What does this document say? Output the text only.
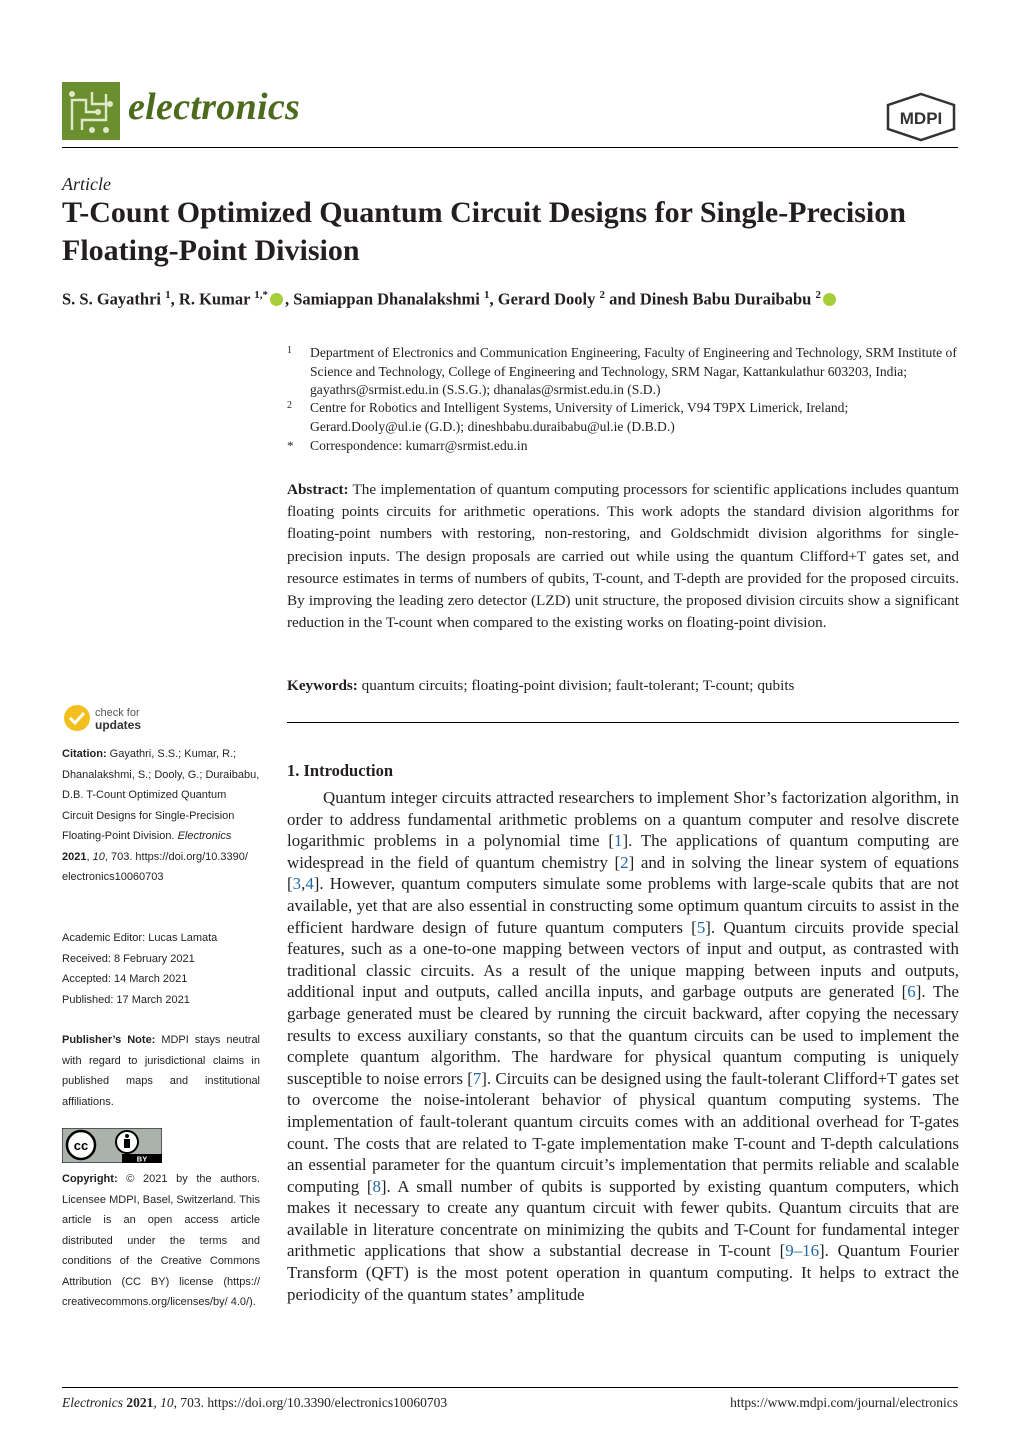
electronics	MDPI
Article
T-Count Optimized Quantum Circuit Designs for Single-Precision Floating-Point Division
S. S. Gayathri $^1$, R. Kumar $^{1,*}$ , Samiappan Dhanalakshmi $^1$, Gerard Dooly $^2$ and Dinesh Babu Duraibabu $^2$
1 Department of Electronics and Communication Engineering, Faculty of Engineering and Technology, SRM Institute of Science and Technology, College of Engineering and Technology, SRM Nagar, Kattankulathur 603203, India; gayathrs@srmist.edu.in (S.S.G.); dhanalas@srmist.edu.in (S.D.)
2 Centre for Robotics and Intelligent Systems, University of Limerick, V94 T9PX Limerick, Ireland; Gerard.Dooly@ul.ie (G.D.); dineshbabu.duraibabu@ul.ie (D.B.D.)
* Correspondence: kumarr@srmist.edu.in
Abstract: The implementation of quantum computing processors for scientific applications includes quantum floating points circuits for arithmetic operations. This work adopts the standard division algorithms for floating-point numbers with restoring, non-restoring, and Goldschmidt division algorithms for single-precision inputs. The design proposals are carried out while using the quantum Clifford+T gates set, and resource estimates in terms of numbers of qubits, T-count, and T-depth are provided for the proposed circuits. By improving the leading zero detector (LZD) unit structure, the proposed division circuits show a significant reduction in the T-count when compared to the existing works on floating-point division.
Keywords: quantum circuits; floating-point division; fault-tolerant; T-count; qubits
check for
updates
Citation: Gayathri, S.S.; Kumar, R.; Dhanalakshmi, S.; Dooly, G.; Duraibabu, D.B. T-Count Optimized Quantum Circuit Designs for Single-Precision Floating-Point Division. Electronics 2021, 10, 703. https://doi.org/10.3390/ electronics10060703
Academic Editor: Lucas Lamata
Received: 8 February 2021
Accepted: 14 March 2021
Published: 17 March 2021
Publisher’s Note: MDPI stays neutral with regard to jurisdictional claims in published maps and institutional affiliations.
cc
BY
Copyright: © 2021 by the authors. Licensee MDPI, Basel, Switzerland. This article is an open access article distributed under the terms and conditions of the Creative Commons Attribution (CC BY) license (https:// creativecommons.org/licenses/by/ 4.0/).
1. Introduction
Quantum integer circuits attracted researchers to implement Shor’s factorization algorithm, in order to address fundamental arithmetic problems on a quantum computer and resolve discrete logarithmic problems in a polynomial time [1]. The applications of quantum computing are widespread in the field of quantum chemistry [2] and in solving the linear system of equations [3,4]. However, quantum computers simulate some problems with large-scale qubits that are not available, yet that are also essential in constructing some optimum quantum circuits to assist in the efficient hardware design of future quantum computers [5]. Quantum circuits provide special features, such as a one-to-one mapping between vectors of input and output, as contrasted with traditional classic circuits. As a result of the unique mapping between inputs and outputs, additional input and outputs, called ancilla inputs, and garbage outputs are generated [6]. The garbage generated must be cleared by running the circuit backward, after copying the necessary results to excess auxiliary constants, so that the quantum circuits can be used to implement the complete quantum algorithm. The hardware for physical quantum computing is uniquely susceptible to noise errors [7]. Circuits can be designed using the fault-tolerant Clifford+T gates set to overcome the noise-intolerant behavior of physical quantum computing systems. The implementation of fault-tolerant quantum circuits comes with an additional overhead for T-gates count. The costs that are related to T-gate implementation make T-count and T-depth calculations an essential parameter for the quantum circuit’s implementation that permits reliable and scalable computing [8]. A small number of qubits is supported by existing quantum computers, which makes it necessary to create any quantum circuit with fewer qubits. Quantum circuits that are available in literature concentrate on minimizing the qubits and T-Count for fundamental integer arithmetic applications that show a substantial decrease in T-count [9–16]. Quantum Fourier Transform (QFT) is the most potent operation in quantum computing. It helps to extract the periodicity of the quantum states’ amplitude
Electronics 2021, 10, 703. https://doi.org/10.3390/electronics10060703	https://www.mdpi.com/journal/electronics
